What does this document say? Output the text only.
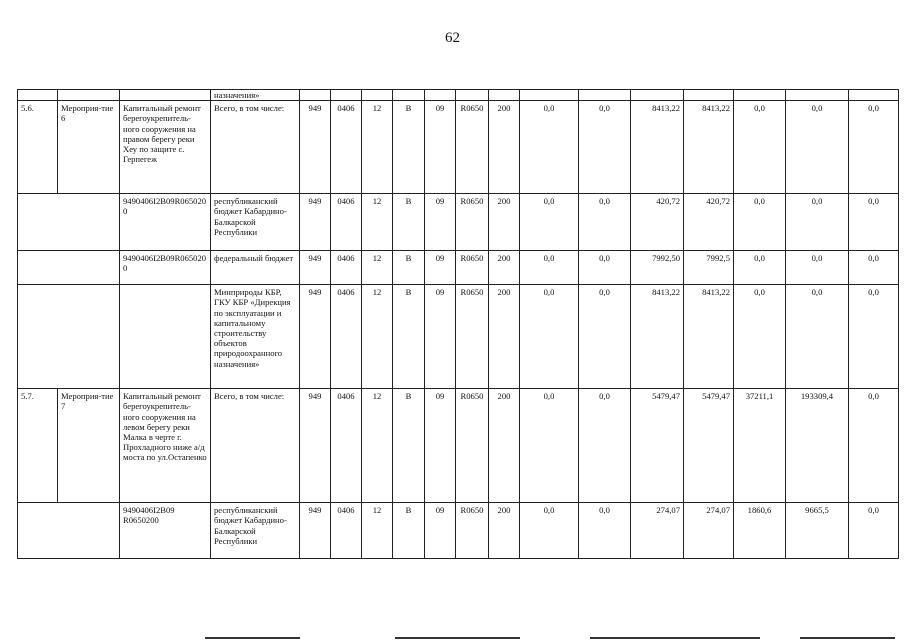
62
			назначения»														
5.6.	Мероприя-тие 6	Капитальный ремонт берегоукрепитель-ного сооружения на правом берегу реки Хеу по защите с. Герпегеж	Всего, в том числе:	949	0406	12	В	09	R0650	200	0,0	0,0	8413,22	8413,22	0,0	0,0	0,0
		9490406I2B09R0650200	республиканский бюджет Кабардино-Балкарской Республики	949	0406	12	В	09	R0650	200	0,0	0,0	420,72	420,72	0,0	0,0	0,0
		9490406I2B09R0650200	федеральный бюджет	949	0406	12	В	09	R0650	200	0,0	0,0	7992,50	7992,5	0,0	0,0	0,0
			Минприроды КБР, ГКУ КБР «Дирекция по эксплуатации и капитальному строительству объектов природоохранного назначения»	949	0406	12	В	09	R0650	200	0,0	0,0	8413,22	8413,22	0,0	0,0	0,0
5.7.	Мероприя-тие 7	Капитальный ремонт берегоукрепитель-ного сооружения на левом берегу реки Малка в черте г. Прохладного ниже а/д моста по ул.Остапенко	Всего, в том числе:	949	0406	12	В	09	R0650	200	0,0	0,0	5479,47	5479,47	37211,1	193309,4	0,0
		9490406I2B09 R0650200	республиканский бюджет Кабардино-Балкарской Республики	949	0406	12	В	09	R0650	200	0,0	0,0	274,07	274,07	1860,6	9665,5	0,0
